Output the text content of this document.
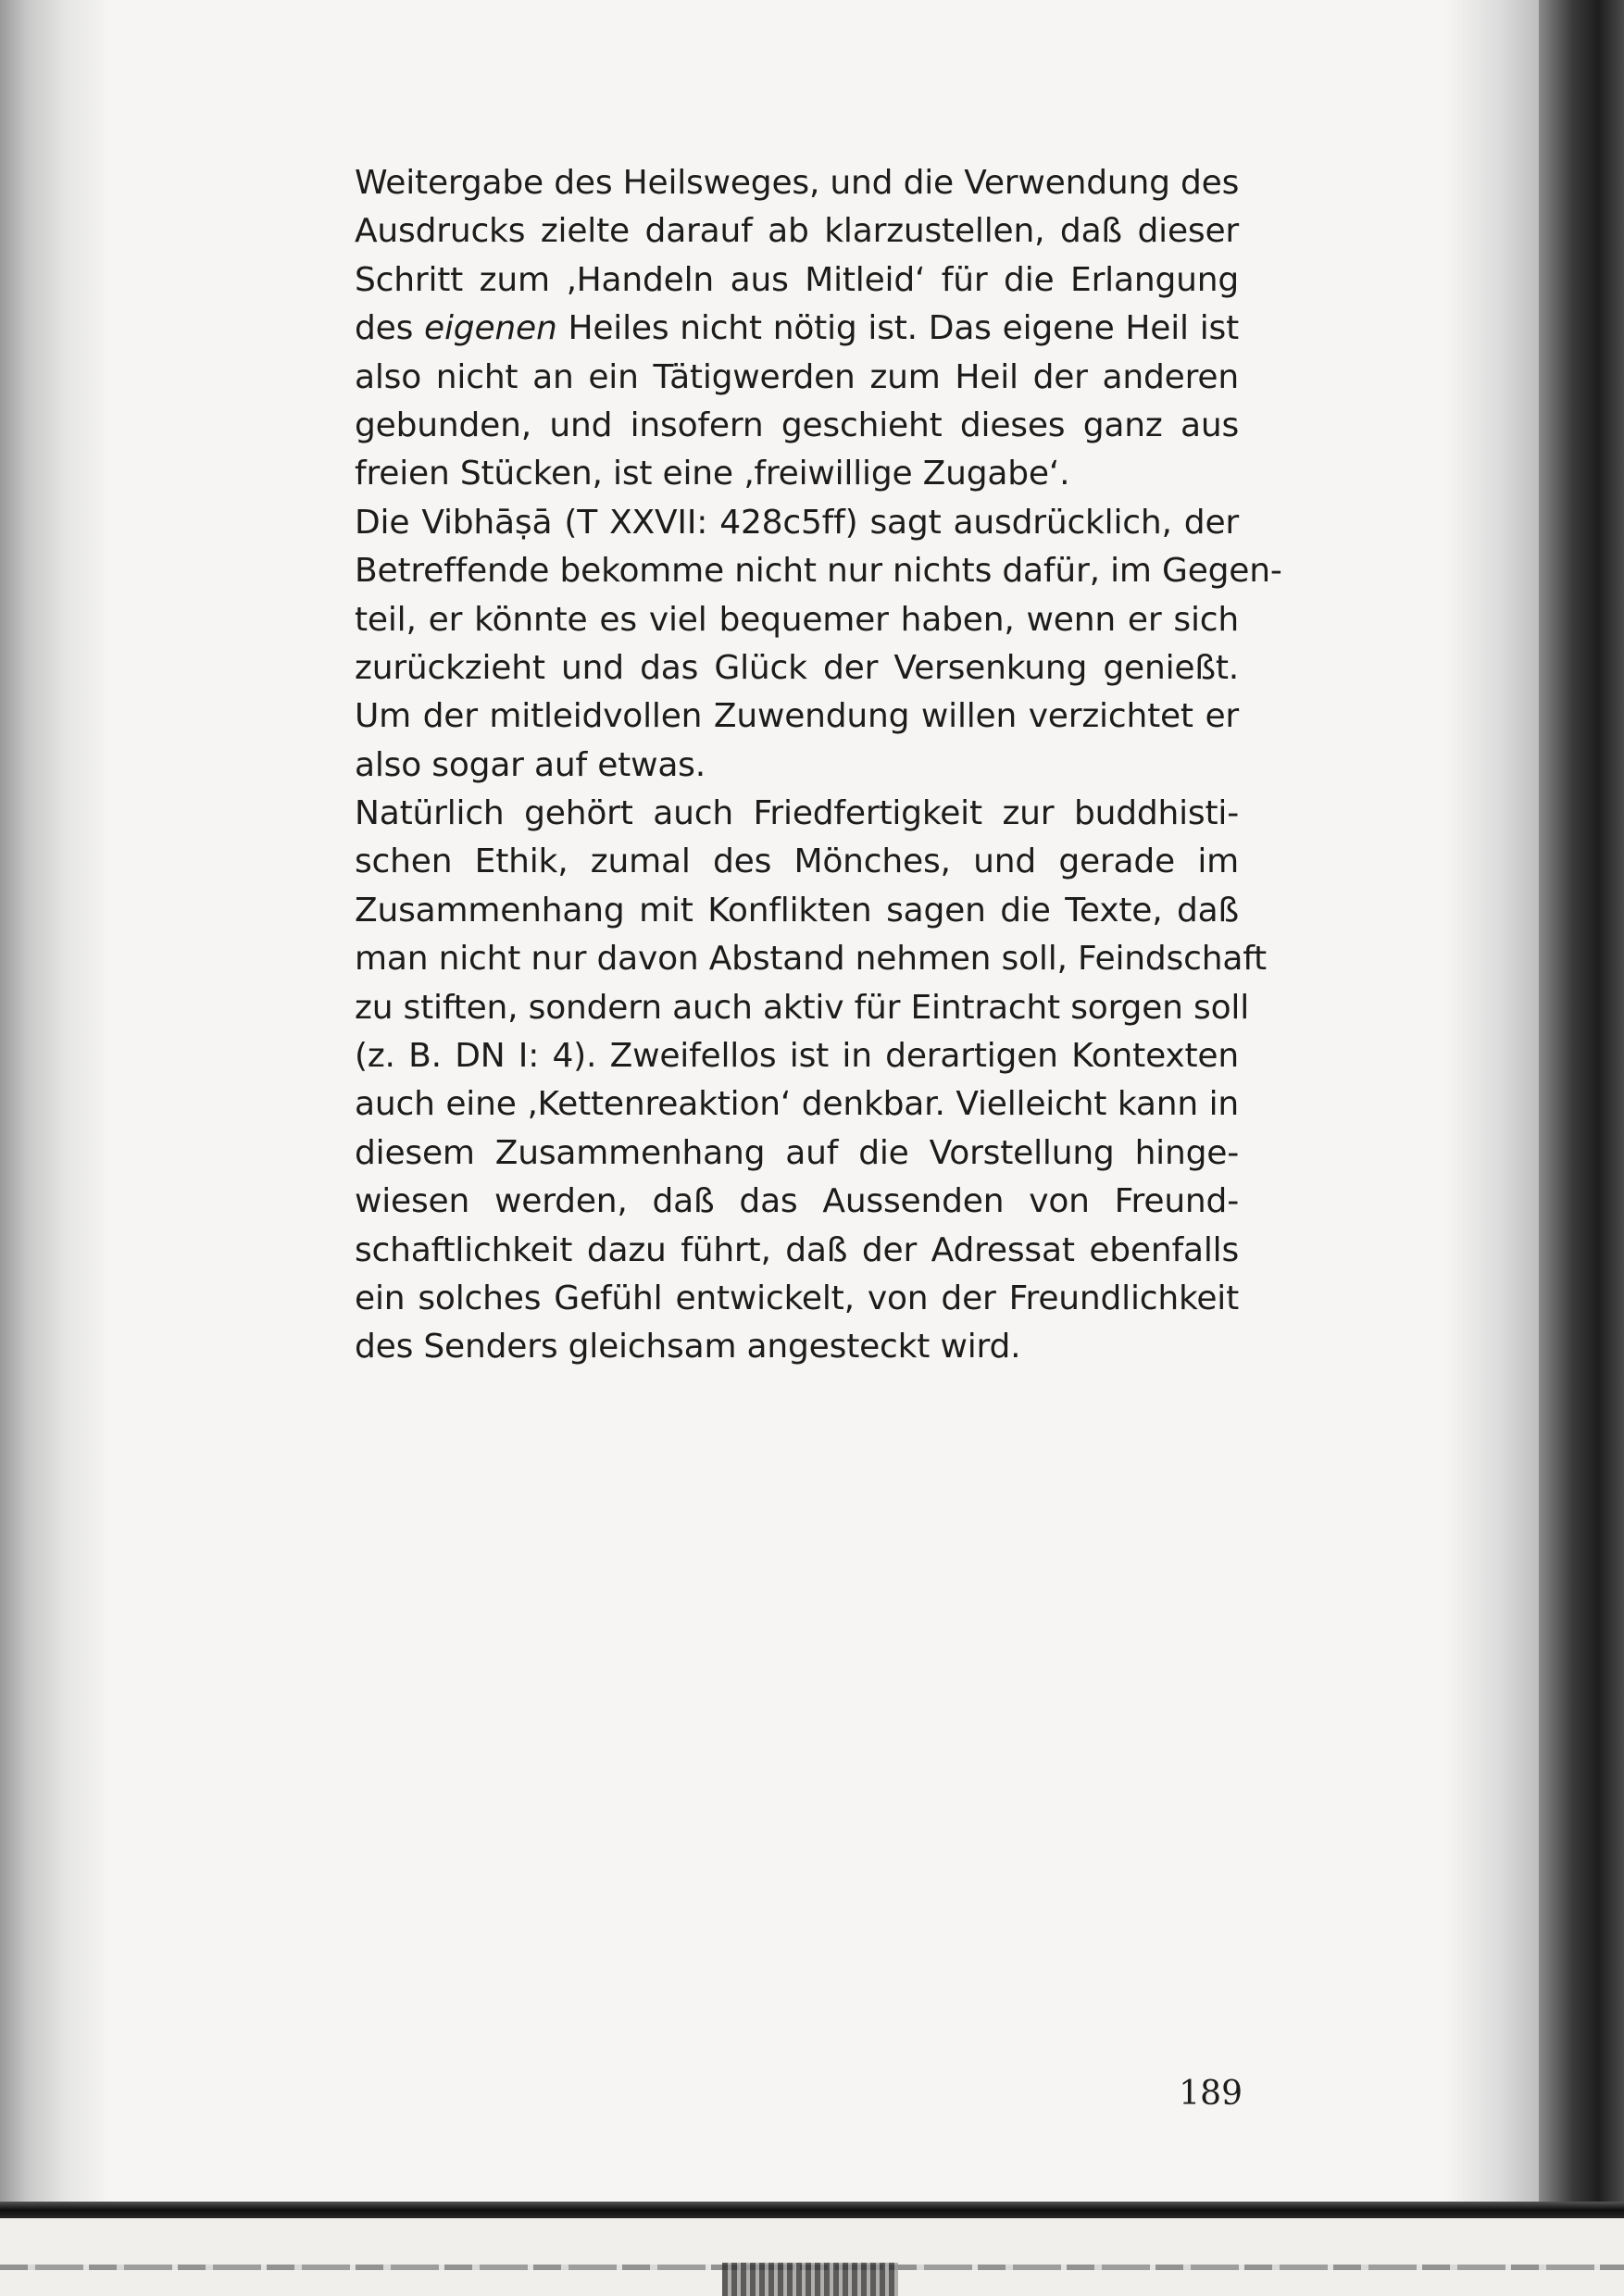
Weitergabe des Heilsweges, und die Verwendung des
Ausdrucks zielte darauf ab klarzustellen, daß dieser
Schritt zum ‚Handeln aus Mitleid‘ für die Erlangung
des eigenen Heiles nicht nötig ist. Das eigene Heil ist
also nicht an ein Tätigwerden zum Heil der anderen
gebunden, und insofern geschieht dieses ganz aus
freien Stücken, ist eine ‚freiwillige Zugabe‘.
Die Vibhāṣā (T XXVII: 428c5ff) sagt ausdrücklich, der
Betreffende bekomme nicht nur nichts dafür, im Gegen-
teil, er könnte es viel bequemer haben, wenn er sich
zurückzieht und das Glück der Versenkung genießt.
Um der mitleidvollen Zuwendung willen verzichtet er
also sogar auf etwas.
Natürlich gehört auch Friedfertigkeit zur buddhisti-
schen Ethik, zumal des Mönches, und gerade im
Zusammenhang mit Konflikten sagen die Texte, daß
man nicht nur davon Abstand nehmen soll, Feindschaft
zu stiften, sondern auch aktiv für Eintracht sorgen soll
(z. B. DN I: 4). Zweifellos ist in derartigen Kontexten
auch eine ‚Kettenreaktion‘ denkbar. Vielleicht kann in
diesem Zusammenhang auf die Vorstellung hinge-
wiesen werden, daß das Aussenden von Freund-
schaftlichkeit dazu führt, daß der Adressat ebenfalls
ein solches Gefühl entwickelt, von der Freundlichkeit
des Senders gleichsam angesteckt wird.

189
